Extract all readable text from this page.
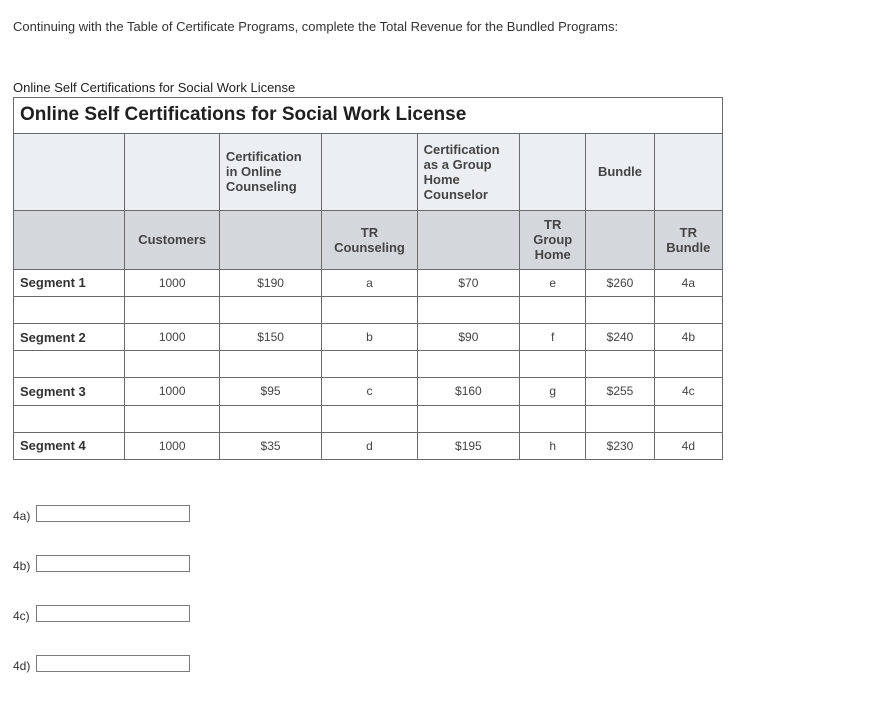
Continuing with the Table of Certificate Programs, complete the Total Revenue for the Bundled Programs:
Online Self Certifications for Social Work License
Online Self Certifications for Social Work License							
		Certification in Online Counseling		Certification as a Group Home Counselor		Bundle	
	Customers		TR Counseling		TR Group Home		TR Bundle
Segment 1	1000	$190	a	$70	e	$260	4a

Segment 2	1000	$150	b	$90	f	$240	4b

Segment 3	1000	$95	c	$160	g	$255	4c

Segment 4	1000	$35	d	$195	h	$230	4d
4a)
4b)
4c)
4d)
